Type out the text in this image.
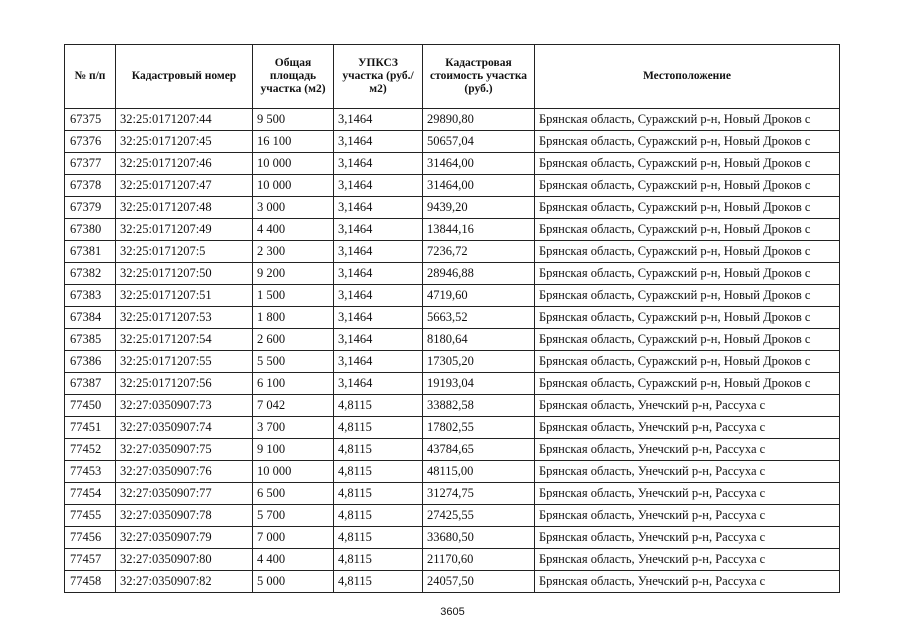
№ п/п	Кадастровый номер	Общая площадь участка (м2)	УПКСЗ участка (руб./м2)	Кадастровая стоимость участка (руб.)	Местоположение
67375	32:25:0171207:44	9 500	3,1464	29890,80	Брянская область, Суражский р-н, Новый Дроков с
67376	32:25:0171207:45	16 100	3,1464	50657,04	Брянская область, Суражский р-н, Новый Дроков с
67377	32:25:0171207:46	10 000	3,1464	31464,00	Брянская область, Суражский р-н, Новый Дроков с
67378	32:25:0171207:47	10 000	3,1464	31464,00	Брянская область, Суражский р-н, Новый Дроков с
67379	32:25:0171207:48	3 000	3,1464	9439,20	Брянская область, Суражский р-н, Новый Дроков с
67380	32:25:0171207:49	4 400	3,1464	13844,16	Брянская область, Суражский р-н, Новый Дроков с
67381	32:25:0171207:5	2 300	3,1464	7236,72	Брянская область, Суражский р-н, Новый Дроков с
67382	32:25:0171207:50	9 200	3,1464	28946,88	Брянская область, Суражский р-н, Новый Дроков с
67383	32:25:0171207:51	1 500	3,1464	4719,60	Брянская область, Суражский р-н, Новый Дроков с
67384	32:25:0171207:53	1 800	3,1464	5663,52	Брянская область, Суражский р-н, Новый Дроков с
67385	32:25:0171207:54	2 600	3,1464	8180,64	Брянская область, Суражский р-н, Новый Дроков с
67386	32:25:0171207:55	5 500	3,1464	17305,20	Брянская область, Суражский р-н, Новый Дроков с
67387	32:25:0171207:56	6 100	3,1464	19193,04	Брянская область, Суражский р-н, Новый Дроков с
77450	32:27:0350907:73	7 042	4,8115	33882,58	Брянская область, Унечский р-н, Рассуха с
77451	32:27:0350907:74	3 700	4,8115	17802,55	Брянская область, Унечский р-н, Рассуха с
77452	32:27:0350907:75	9 100	4,8115	43784,65	Брянская область, Унечский р-н, Рассуха с
77453	32:27:0350907:76	10 000	4,8115	48115,00	Брянская область, Унечский р-н, Рассуха с
77454	32:27:0350907:77	6 500	4,8115	31274,75	Брянская область, Унечский р-н, Рассуха с
77455	32:27:0350907:78	5 700	4,8115	27425,55	Брянская область, Унечский р-н, Рассуха с
77456	32:27:0350907:79	7 000	4,8115	33680,50	Брянская область, Унечский р-н, Рассуха с
77457	32:27:0350907:80	4 400	4,8115	21170,60	Брянская область, Унечский р-н, Рассуха с
77458	32:27:0350907:82	5 000	4,8115	24057,50	Брянская область, Унечский р-н, Рассуха с
3605
